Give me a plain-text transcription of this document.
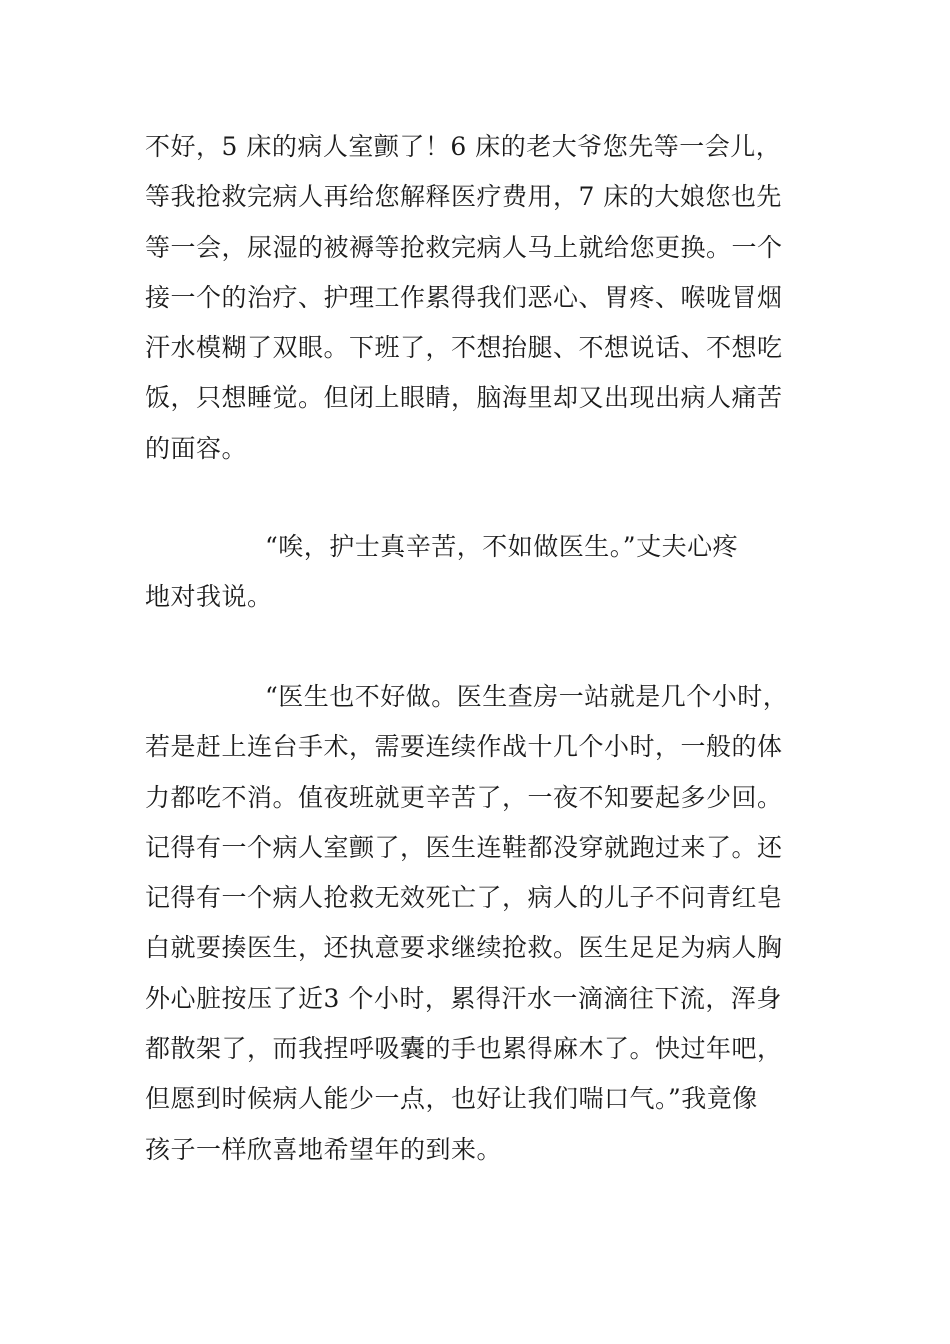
不好，5 床的病人室颤了！6 床的老大爷您先等一会儿，
等我抢救完病人再给您解释医疗费用，7 床的大娘您也先
等一会，尿湿的被褥等抢救完病人马上就给您更换。一个
接一个的治疗、护理工作累得我们恶心、胃疼、喉咙冒烟
汗水模糊了双眼。下班了，不想抬腿、不想说话、不想吃
饭，只想睡觉。但闭上眼睛，脑海里却又出现出病人痛苦
的面容。
“唉，护士真辛苦，不如做医生。”丈夫心疼
地对我说。
“医生也不好做。医生查房一站就是几个小时，
若是赶上连台手术，需要连续作战十几个小时，一般的体
力都吃不消。值夜班就更辛苦了，一夜不知要起多少回。
记得有一个病人室颤了，医生连鞋都没穿就跑过来了。还
记得有一个病人抢救无效死亡了，病人的儿子不问青红皂
白就要揍医生，还执意要求继续抢救。医生足足为病人胸
外心脏按压了近3 个小时，累得汗水一滴滴往下流，浑身
都散架了，而我捏呼吸囊的手也累得麻木了。快过年吧，
但愿到时候病人能少一点，也好让我们喘口气。”我竟像
孩子一样欣喜地希望年的到来。
